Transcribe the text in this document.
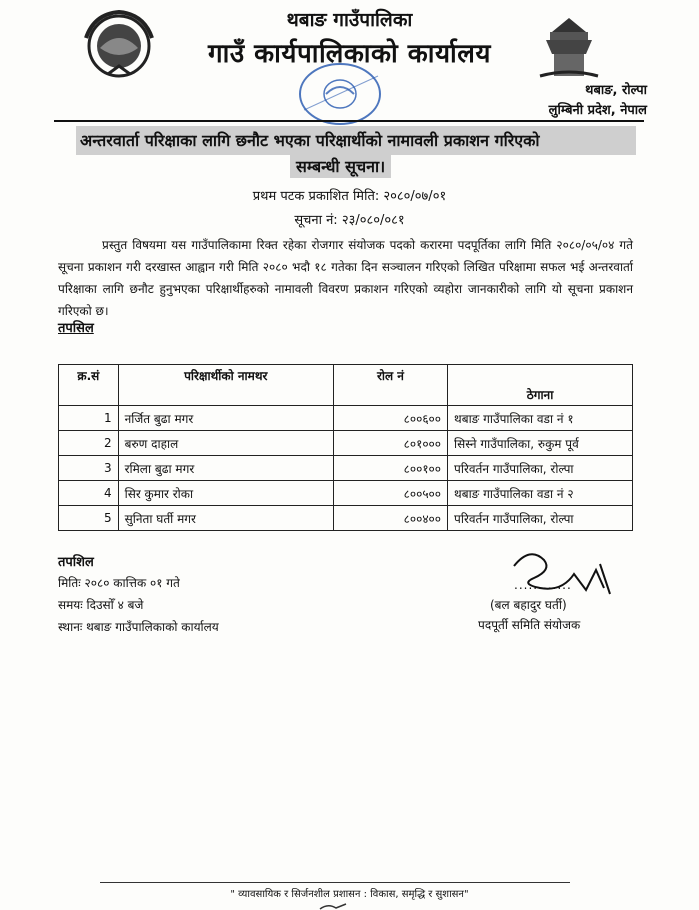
थबाङ गाउँपालिका
गाउँ कार्यपालिकाको कार्यालय
थबाङ, रोल्पा
लुम्बिनी प्रदेश, नेपाल
अन्तरवार्ता परिक्षाका लागि छनौट भएका परिक्षार्थीको नामावली प्रकाशन गरिएको
सम्बन्धी सूचना।
प्रथम पटक प्रकाशित मिति: २०८०/०७/०१
सूचना नं: २३/०८०/०८१
प्रस्तुत विषयमा यस गाउँपालिकामा रिक्त रहेका रोजगार संयोजक पदको करारमा पदपूर्तिका लागि मिति २०८०/०५/०४ गते सूचना प्रकाशन गरी दरखास्त आह्वान गरी मिति २०८० भदौ १८ गतेका दिन सञ्चालन गरिएको लिखित परिक्षामा सफल भई अन्तरवार्ता परिक्षाका लागि छनौट हुनुभएका परिक्षार्थीहरुको नामावली विवरण प्रकाशन गरिएको व्यहोरा जानकारीको लागि यो सूचना प्रकाशन गरिएको छ।
तपसिल
क्र.सं	परिक्षार्थीको नामथर	रोल नं	ठेगाना
1	नर्जित बुढा मगर	८००६००	थबाङ गाउँपालिका वडा नं १
2	बरुण दाहाल	८०१०००	सिस्ने गाउँपालिका, रुकुम पूर्व
3	रमिला बुढा मगर	८००१००	परिवर्तन गाउँपालिका, रोल्पा
4	सिर कुमार रोका	८००५००	थबाङ गाउँपालिका वडा नं २
5	सुनिता घर्ती मगर	८००४००	परिवर्तन गाउँपालिका, रोल्पा
तपशिल
मितिः २०८० कात्तिक ०१ गते
समयः दिउसोँ ४ बजे
स्थानः थबाङ गाउँपालिकाको कार्यालय
............
(बल बहादुर घर्ती)
पदपूर्ती समिति संयोजक
" व्यावसायिक र सिर्जनशील प्रशासन : विकास, समृद्धि र सुशासन"
